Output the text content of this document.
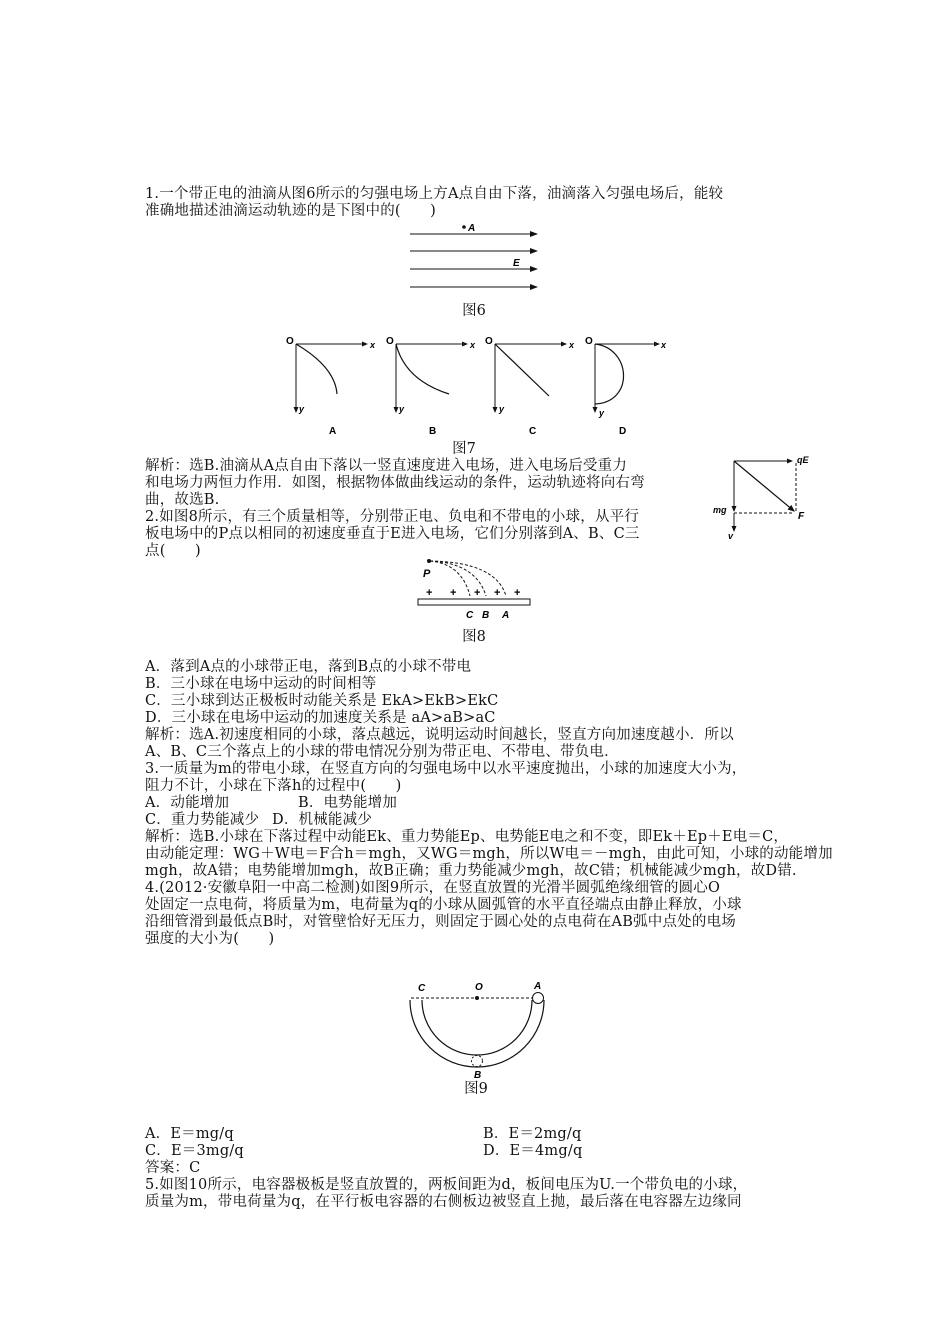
1.一个带正电的油滴从图6所示的匀强电场上方A点自由下落，油滴落入匀强电场后，能较
准确地描述油滴运动轨迹的是下图中的(　　)
A
E
图6
O	x
y
A
O	x
y
B
O	x
y
C
O	x
y
D
图7
qE
mg
F
v
解析：选B.油滴从A点自由下落以一竖直速度进入电场，进入电场后受重力
和电场力两恒力作用．如图，根据物体做曲线运动的条件，运动轨迹将向右弯
曲，故选B.
2.如图8所示，有三个质量相等，分别带正电、负电和不带电的小球，从平行
板电场中的P点以相同的初速度垂直于E进入电场，它们分别落到A、B、C三
点(　　)
P
+ + + + +
C B A
图8
A．落到A点的小球带正电，落到B点的小球不带电
B．三小球在电场中运动的时间相等
C．三小球到达正极板时动能关系是 EkA>EkB>EkC
D．三小球在电场中运动的加速度关系是 aA>aB>aC
解析：选A.初速度相同的小球，落点越远，说明运动时间越长，竖直方向加速度越小．所以
A、B、C三个落点上的小球的带电情况分别为带正电、不带电、带负电．
3.一质量为m的带电小球，在竖直方向的匀强电场中以水平速度抛出，小球的加速度大小为，
阻力不计，小球在下落h的过程中(　　)
A．动能增加	B．电势能增加
C．重力势能减少 D．机械能减少
解析：选B.小球在下落过程中动能Ek、重力势能Ep、电势能E电之和不变，即Ek＋Ep＋E电＝C，
由动能定理：WG＋W电＝F合h＝mgh，又WG＝mgh，所以W电＝－mgh，由此可知，小球的动能增加
mgh，故A错；电势能增加mgh，故B正确；重力势能减少mgh，故C错；机械能减少mgh，故D错.
4.(2012·安徽阜阳一中高二检测)如图9所示，在竖直放置的光滑半圆弧绝缘细管的圆心O
处固定一点电荷，将质量为m，电荷量为q的小球从圆弧管的水平直径端点由静止释放，小球
沿细管滑到最低点B时，对管壁恰好无压力，则固定于圆心处的点电荷在AB弧中点处的电场
强度的大小为(　　)
C	O	A
B
图9
A．E＝mg/q	B．E＝2mg/q
C．E＝3mg/q	D．E＝4mg/q
答案：C
5.如图10所示，电容器极板是竖直放置的，两板间距为d，板间电压为U.一个带负电的小球，
质量为m，带电荷量为q，在平行板电容器的右侧板边被竖直上抛，最后落在电容器左边缘同
